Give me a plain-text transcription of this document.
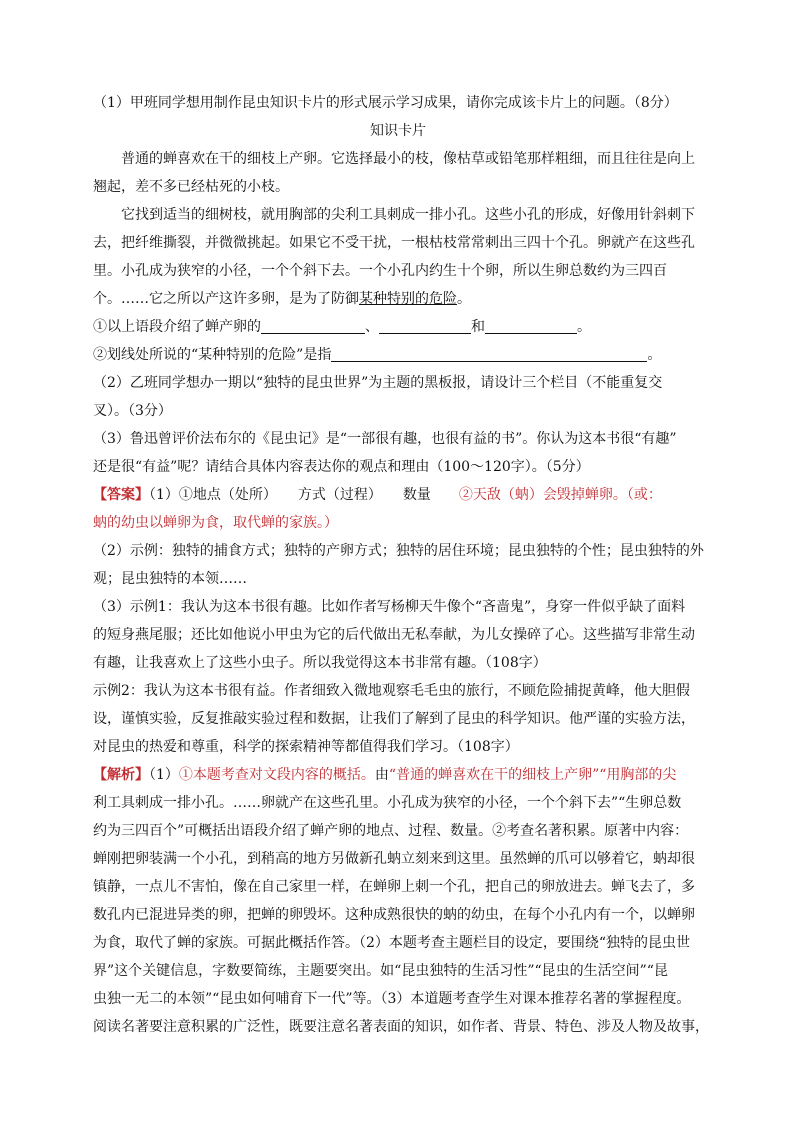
（1）甲班同学想用制作昆虫知识卡片的形式展示学习成果，请你完成该卡片上的问题。（8分）

知识卡片

普通的蝉喜欢在干的细枝上产卵。它选择最小的枝，像枯草或铅笔那样粗细，而且往往是向上

翘起，差不多已经枯死的小枝。

它找到适当的细树枝，就用胸部的尖利工具刺成一排小孔。这些小孔的形成，好像用针斜刺下

去，把纤维撕裂，并微微挑起。如果它不受干扰，一根枯枝常常刺出三四十个孔。卵就产在这些孔

里。小孔成为狭窄的小径，一个个斜下去。一个小孔内约生十个卵，所以生卵总数约为三四百

个。……它之所以产这许多卵，是为了防御某种特别的危险。

①以上语段介绍了蝉产卵的	、	和	。

②划线处所说的“某种特别的危险”是指	。

（2）乙班同学想办一期以“独特的昆虫世界”为主题的黑板报，请设计三个栏目（不能重复交

叉）。（3分）

（3）鲁迅曾评价法布尔的《昆虫记》是“一部很有趣，也很有益的书”。你认为这本书很“有趣”

还是很“有益”呢？请结合具体内容表达你的观点和理由（100～120字）。（5分）

【答案】（1）①地点（处所）　　方式（过程）　　数量　　②天敌（蚋）会毁掉蝉卵。（或：

蚋的幼虫以蝉卵为食，取代蝉的家族。）

（2）示例：独特的捕食方式；独特的产卵方式；独特的居住环境；昆虫独特的个性；昆虫独特的外

观；昆虫独特的本领……

（3）示例1：我认为这本书很有趣。比如作者写杨柳天牛像个“吝啬鬼”，身穿一件似乎缺了面料

的短身燕尾服；还比如他说小甲虫为它的后代做出无私奉献，为儿女操碎了心。这些描写非常生动

有趣，让我喜欢上了这些小虫子。所以我觉得这本书非常有趣。（108字）

示例2：我认为这本书很有益。作者细致入微地观察毛毛虫的旅行，不顾危险捕捉黄峰，他大胆假

设，谨慎实验，反复推敲实验过程和数据，让我们了解到了昆虫的科学知识。他严谨的实验方法，

对昆虫的热爱和尊重，科学的探索精神等都值得我们学习。（108字）

【解析】（1）①本题考查对文段内容的概括。由“普通的蝉喜欢在干的细枝上产卵”“用胸部的尖

利工具刺成一排小孔。……卵就产在这些孔里。小孔成为狭窄的小径，一个个斜下去”“生卵总数

约为三四百个”可概括出语段介绍了蝉产卵的地点、过程、数量。②考查名著积累。原著中内容：

蝉刚把卵装满一个小孔，到稍高的地方另做新孔蚋立刻来到这里。虽然蝉的爪可以够着它，蚋却很

镇静，一点儿不害怕，像在自己家里一样，在蝉卵上刺一个孔，把自己的卵放进去。蝉飞去了，多

数孔内已混进异类的卵，把蝉的卵毁坏。这种成熟很快的蚋的幼虫，在每个小孔内有一个，以蝉卵

为食，取代了蝉的家族。可据此概括作答。（2）本题考查主题栏目的设定，要围绕“独特的昆虫世

界”这个关键信息，字数要简练，主题要突出。如“昆虫独特的生活习性”“昆虫的生活空间”“昆

虫独一无二的本领”“昆虫如何哺育下一代”等。（3）本道题考查学生对课本推荐名著的掌握程度。

阅读名著要注意积累的广泛性，既要注意名著表面的知识，如作者、背景、特色、涉及人物及故事，
